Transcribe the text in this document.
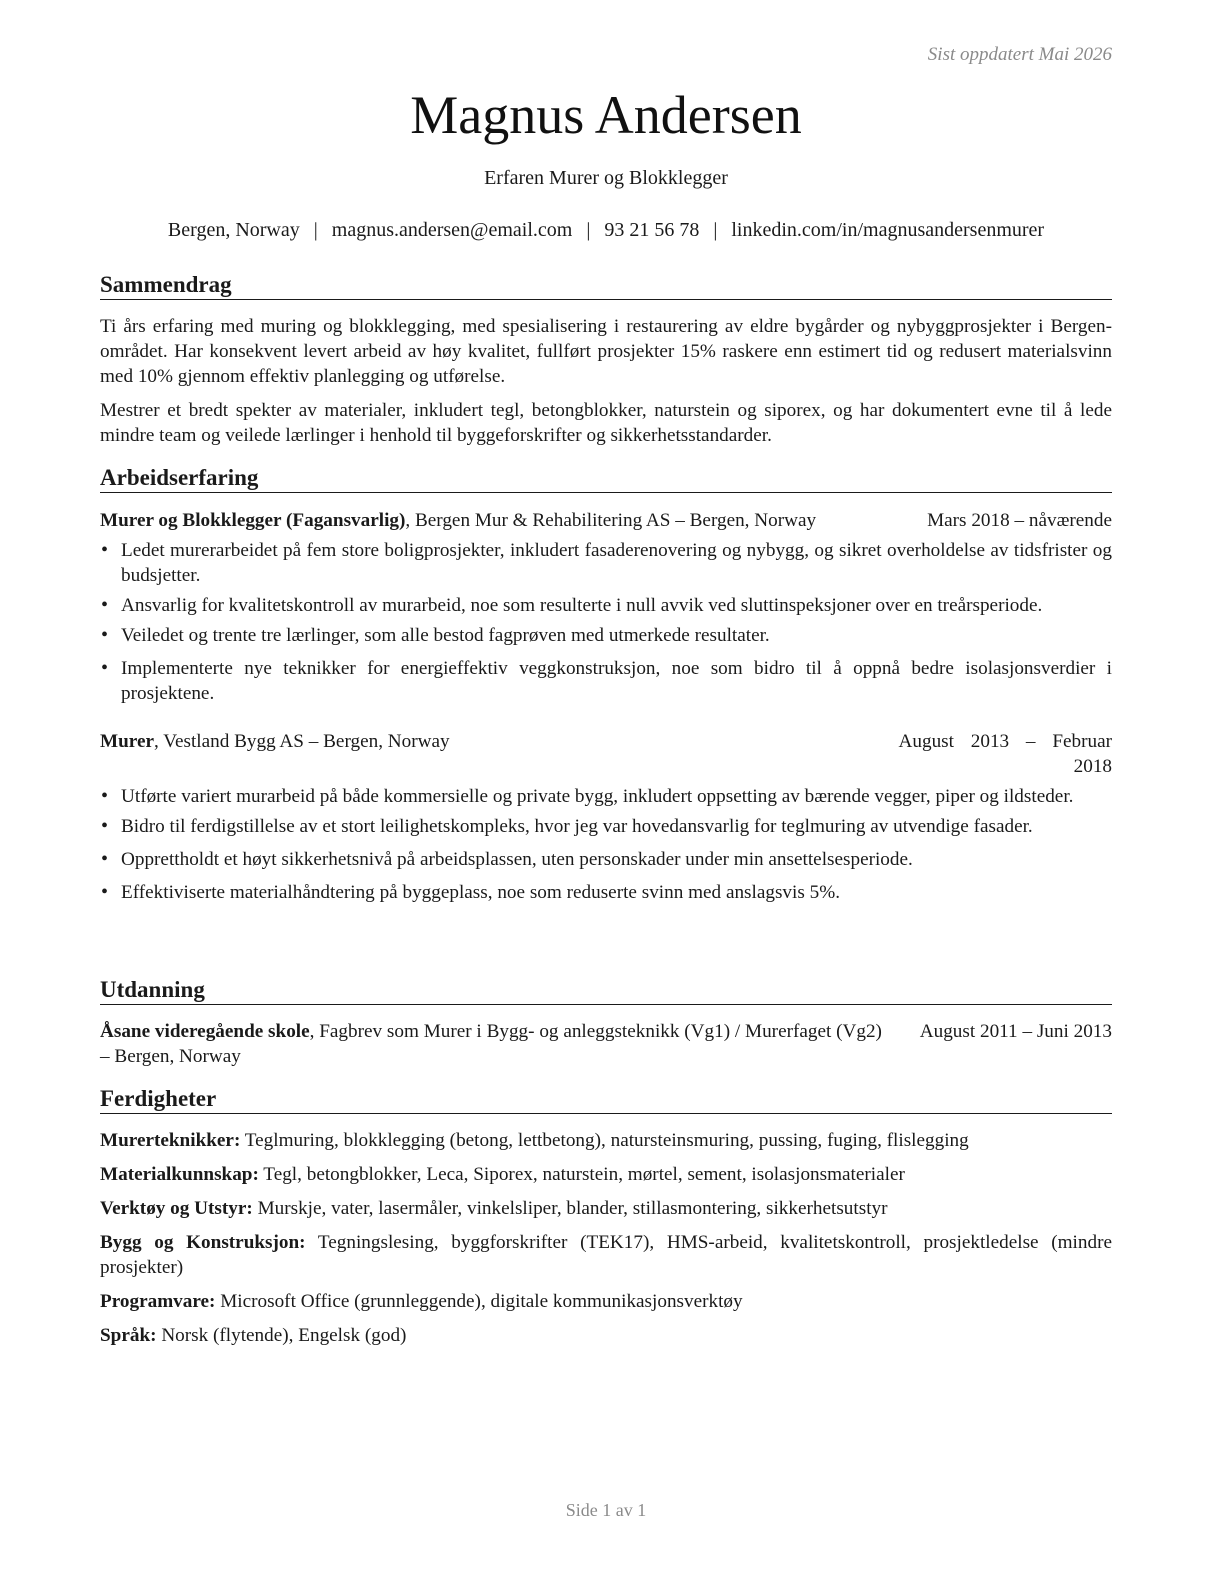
Sist oppdatert Mai 2026
Magnus Andersen
Erfaren Murer og Blokklegger
Bergen, Norway | magnus.andersen@email.com | 93 21 56 78 | linkedin.com/in/magnusandersenmurer
Sammendrag

Ti års erfaring med muring og blokklegging, med spesialisering i restaurering av eldre bygårder og nybyggprosjekter i Bergen-området. Har konsekvent levert arbeid av høy kvalitet, fullført prosjekter 15% raskere enn estimert tid og redusert materialsvinn med 10% gjennom effektiv planlegging og utførelse.

Mestrer et bredt spekter av materialer, inkludert tegl, betongblokker, naturstein og siporex, og har dokumentert evne til å lede mindre team og veilede lærlinger i henhold til byggeforskrifter og sikkerhetsstandarder.

Arbeidserfaring
Murer og Blokklegger (Fagansvarlig), Bergen Mur & Rehabilitering AS – Bergen, Norway	Mars 2018 – nåværende
• Ledet murerarbeidet på fem store boligprosjekter, inkludert fasaderenovering og nybygg, og sikret overholdelse av tidsfrister og budsjetter.
• Ansvarlig for kvalitetskontroll av murarbeid, noe som resulterte i null avvik ved sluttinspeksjoner over en treårsperiode.
• Veiledet og trente tre lærlinger, som alle bestod fagprøven med utmerkede resultater.
• Implementerte nye teknikker for energieffektiv veggkonstruksjon, noe som bidro til å oppnå bedre isolasjonsverdier i prosjektene.
Murer, Vestland Bygg AS – Bergen, Norway	August 2013 – Februar
2018
• Utførte variert murarbeid på både kommersielle og private bygg, inkludert oppsetting av bærende vegger, piper og ildsteder.
• Bidro til ferdigstillelse av et stort leilighetskompleks, hvor jeg var hovedansvarlig for teglmuring av utvendige fasader.
• Opprettholdt et høyt sikkerhetsnivå på arbeidsplassen, uten personskader under min ansettelsesperiode.
• Effektiviserte materialhåndtering på byggeplass, noe som reduserte svinn med anslagsvis 5%.
Utdanning
Åsane videregående skole, Fagbrev som Murer i Bygg- og anleggsteknikk (Vg1) / Murerfaget (Vg2) – Bergen, Norway
August 2011 – Juni 2013
Ferdigheter
Murerteknikker: Teglmuring, blokklegging (betong, lettbetong), natursteinsmuring, pussing, fuging, flislegging
Materialkunnskap: Tegl, betongblokker, Leca, Siporex, naturstein, mørtel, sement, isolasjonsmaterialer
Verktøy og Utstyr: Murskje, vater, lasermåler, vinkelsliper, blander, stillasmontering, sikkerhetsutstyr
Bygg og Konstruksjon: Tegningslesing, byggforskrifter (TEK17), HMS-arbeid, kvalitetskontroll, prosjektledelse (mindre prosjekter)
Programvare: Microsoft Office (grunnleggende), digitale kommunikasjonsverktøy
Språk: Norsk (flytende), Engelsk (god)
Side 1 av 1
